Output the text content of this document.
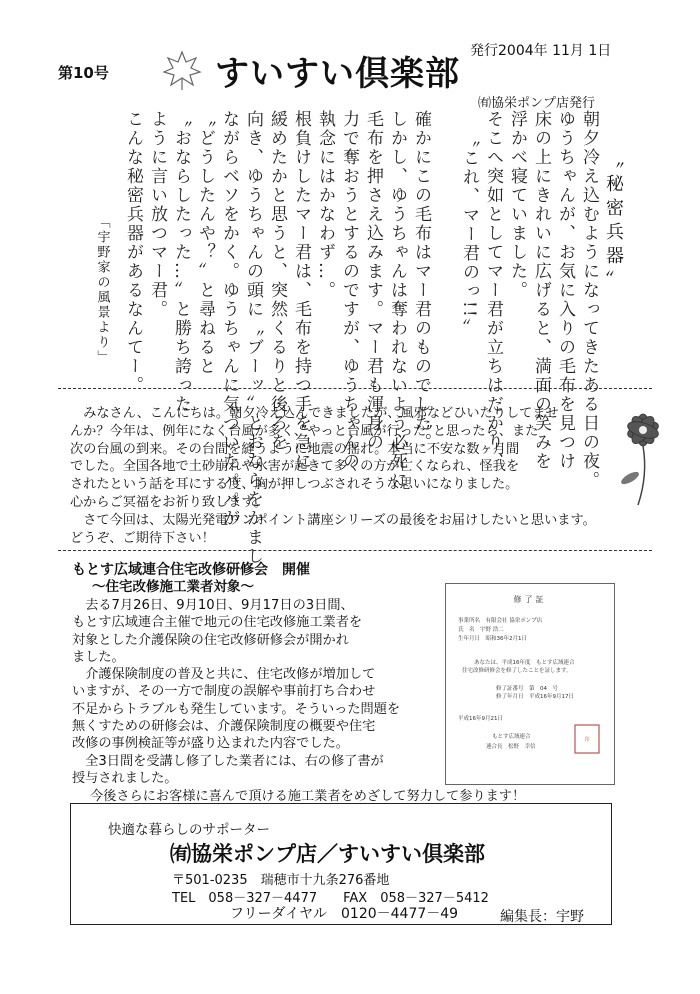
第10号	すいすい倶楽部
発行2004年 11月 1日
㈲協栄ポンプ店発行
朝夕冷え込むようになってきたある日の夜。
ゆうちゃんが、お気に入りの毛布を見つけ
床の上にきれいに広げると、満面の笑みを
浮かべ寝ていました。
そこへ突如としてマー君が立ちはだかり、
〝これ、マー君のっ!!〟
確かにこの毛布はマー君のものでした。
しかし、ゆうちゃんは奪われないよう必死に
毛布を押さえ込みます。マー君も渾身の
力で奪おうとするのですが、ゆうちゃんの
執念にはかなわず…。
根負けしたマー君は、毛布を持つ手を急に
緩めたかと思うと、突然くるりと後ろを
向き、ゆうちゃんの頭に〝ブーッ〟とおならをかまし
ながらベソをかく。ゆうちゃんに気づいたパパが
〝どうしたんや？〟と尋ねると
〝おならしたった…〟と勝ち誇った
ように言い放つマー君。
こんな秘密兵器があるなんてー。	〝秘密兵器〟
「宇野家の風景より」

みなさん、こんにちは。朝夕冷え込んできましたが、風邪などひいたりしてませ

んか？今年は、例年になく台風が多く、”やっと台風が行った”と思ったら、また

次の台風の到来。その台間を縫うように地震の揺れ。本当に不安な数ヶ月間

でした。全国各地で土砂崩れや水害が起きて多くの方が亡くなられ、怪我を

されたという話を耳にする度、胸が押しつぶされそうな思いになりました。

心からご冥福をお祈り致します。

さて今回は、太陽光発電ワンポイント講座シリーズの最後をお届けしたいと思います。

どうぞ、ご期待下さい！

もとす広域連合住宅改修研修会　開催
～住宅改修施工業者対象～

去る7月26日、9月10日、9月17日の3日間、

もとす広域連合主催で地元の住宅改修施工業者を

対象とした介護保険の住宅改修研修会が開かれ

ました。

介護保険制度の普及と共に、住宅改修が増加して

いますが、その一方で制度の誤解や事前打ち合わせ

不足からトラブルも発生しています。そういった問題を

無くすための研修会は、介護保険制度の概要や住宅

改修の事例検証等が盛り込まれた内容でした。

全3日間を受講し修了した業者には、右の修了書が

授与されました。

今後さらにお客様に喜んで頂ける施工業者をめざして努力して参ります！
修了証
事業所名　有限会社 協栄ポンプ店
氏　名　宇野 浩二
生年月日　昭和36年2月1日
あなたは、平成16年度　もとす広域連合
住宅改修研修会を修了したことを証します。
修了証番号　第　04　号
修了年月日　平成16年9月17日
平成16年9月21日
もとす広域連合
連合長　松野　幸信
印
快適な暮らしのサポーター
㈲協栄ポンプ店／すいすい倶楽部
〒501-0235　瑞穂市十九条276番地
TEL　058－327－4477　　FAX　058－327－5412
フリーダイヤル　0120－4477－49	編集長：宇野
